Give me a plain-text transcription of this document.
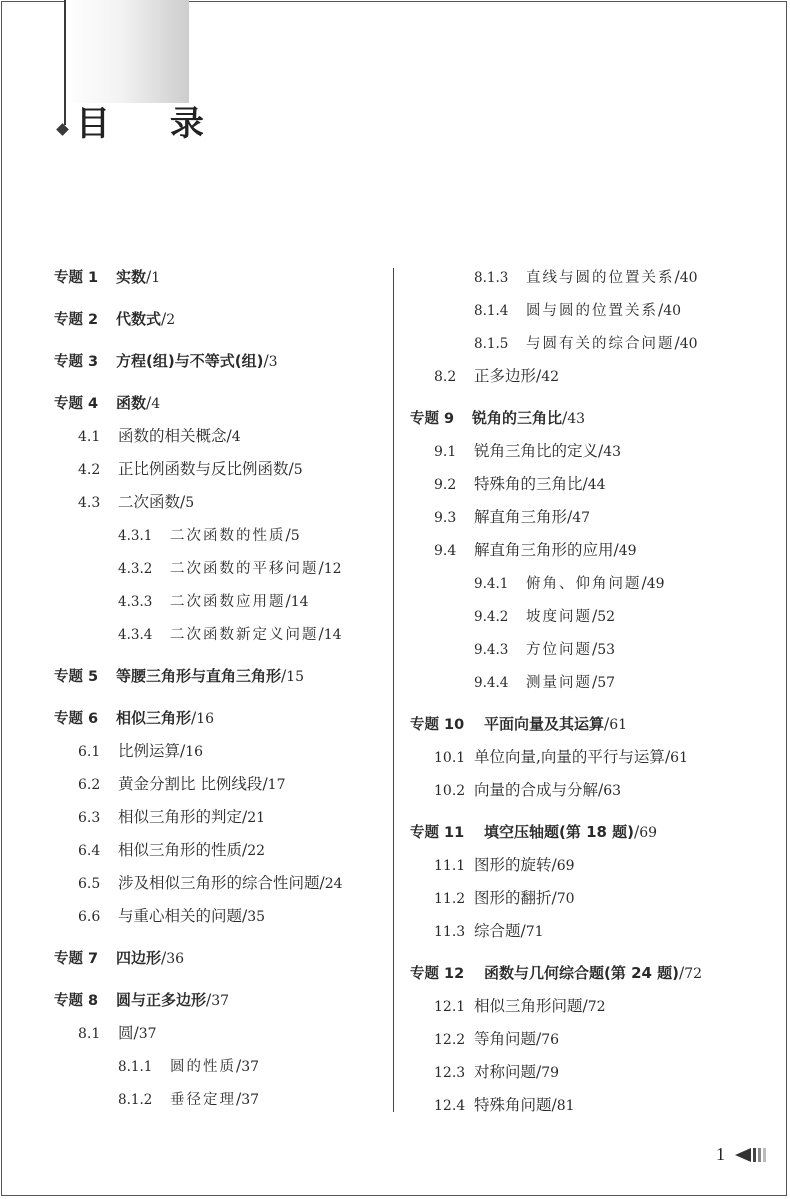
目 录
专题 1 实数/1
专题 2 代数式/2
专题 3 方程(组)与不等式(组)/3
专题 4 函数/4
4.1 函数的相关概念/4
4.2 正比例函数与反比例函数/5
4.3 二次函数/5
4.3.1 二次函数的性质/5
4.3.2 二次函数的平移问题/12
4.3.3 二次函数应用题/14
4.3.4 二次函数新定义问题/14
专题 5 等腰三角形与直角三角形/15
专题 6 相似三角形/16
6.1 比例运算/16
6.2 黄金分割比 比例线段/17
6.3 相似三角形的判定/21
6.4 相似三角形的性质/22
6.5 涉及相似三角形的综合性问题/24
6.6 与重心相关的问题/35
专题 7 四边形/36
专题 8 圆与正多边形/37
8.1 圆/37
8.1.1 圆的性质/37
8.1.2 垂径定理/37
8.1.3 直线与圆的位置关系/40
8.1.4 圆与圆的位置关系/40
8.1.5 与圆有关的综合问题/40
8.2 正多边形/42
专题 9 锐角的三角比/43
9.1 锐角三角比的定义/43
9.2 特殊角的三角比/44
9.3 解直角三角形/47
9.4 解直角三角形的应用/49
9.4.1 俯角、仰角问题/49
9.4.2 坡度问题/52
9.4.3 方位问题/53
9.4.4 测量问题/57
专题 10 平面向量及其运算/61
10.1 单位向量,向量的平行与运算/61
10.2 向量的合成与分解/63
专题 11 填空压轴题(第 18 题)/69
11.1 图形的旋转/69
11.2 图形的翻折/70
11.3 综合题/71
专题 12 函数与几何综合题(第 24 题)/72
12.1 相似三角形问题/72
12.2 等角问题/76
12.3 对称问题/79
12.4 特殊角问题/81
1
